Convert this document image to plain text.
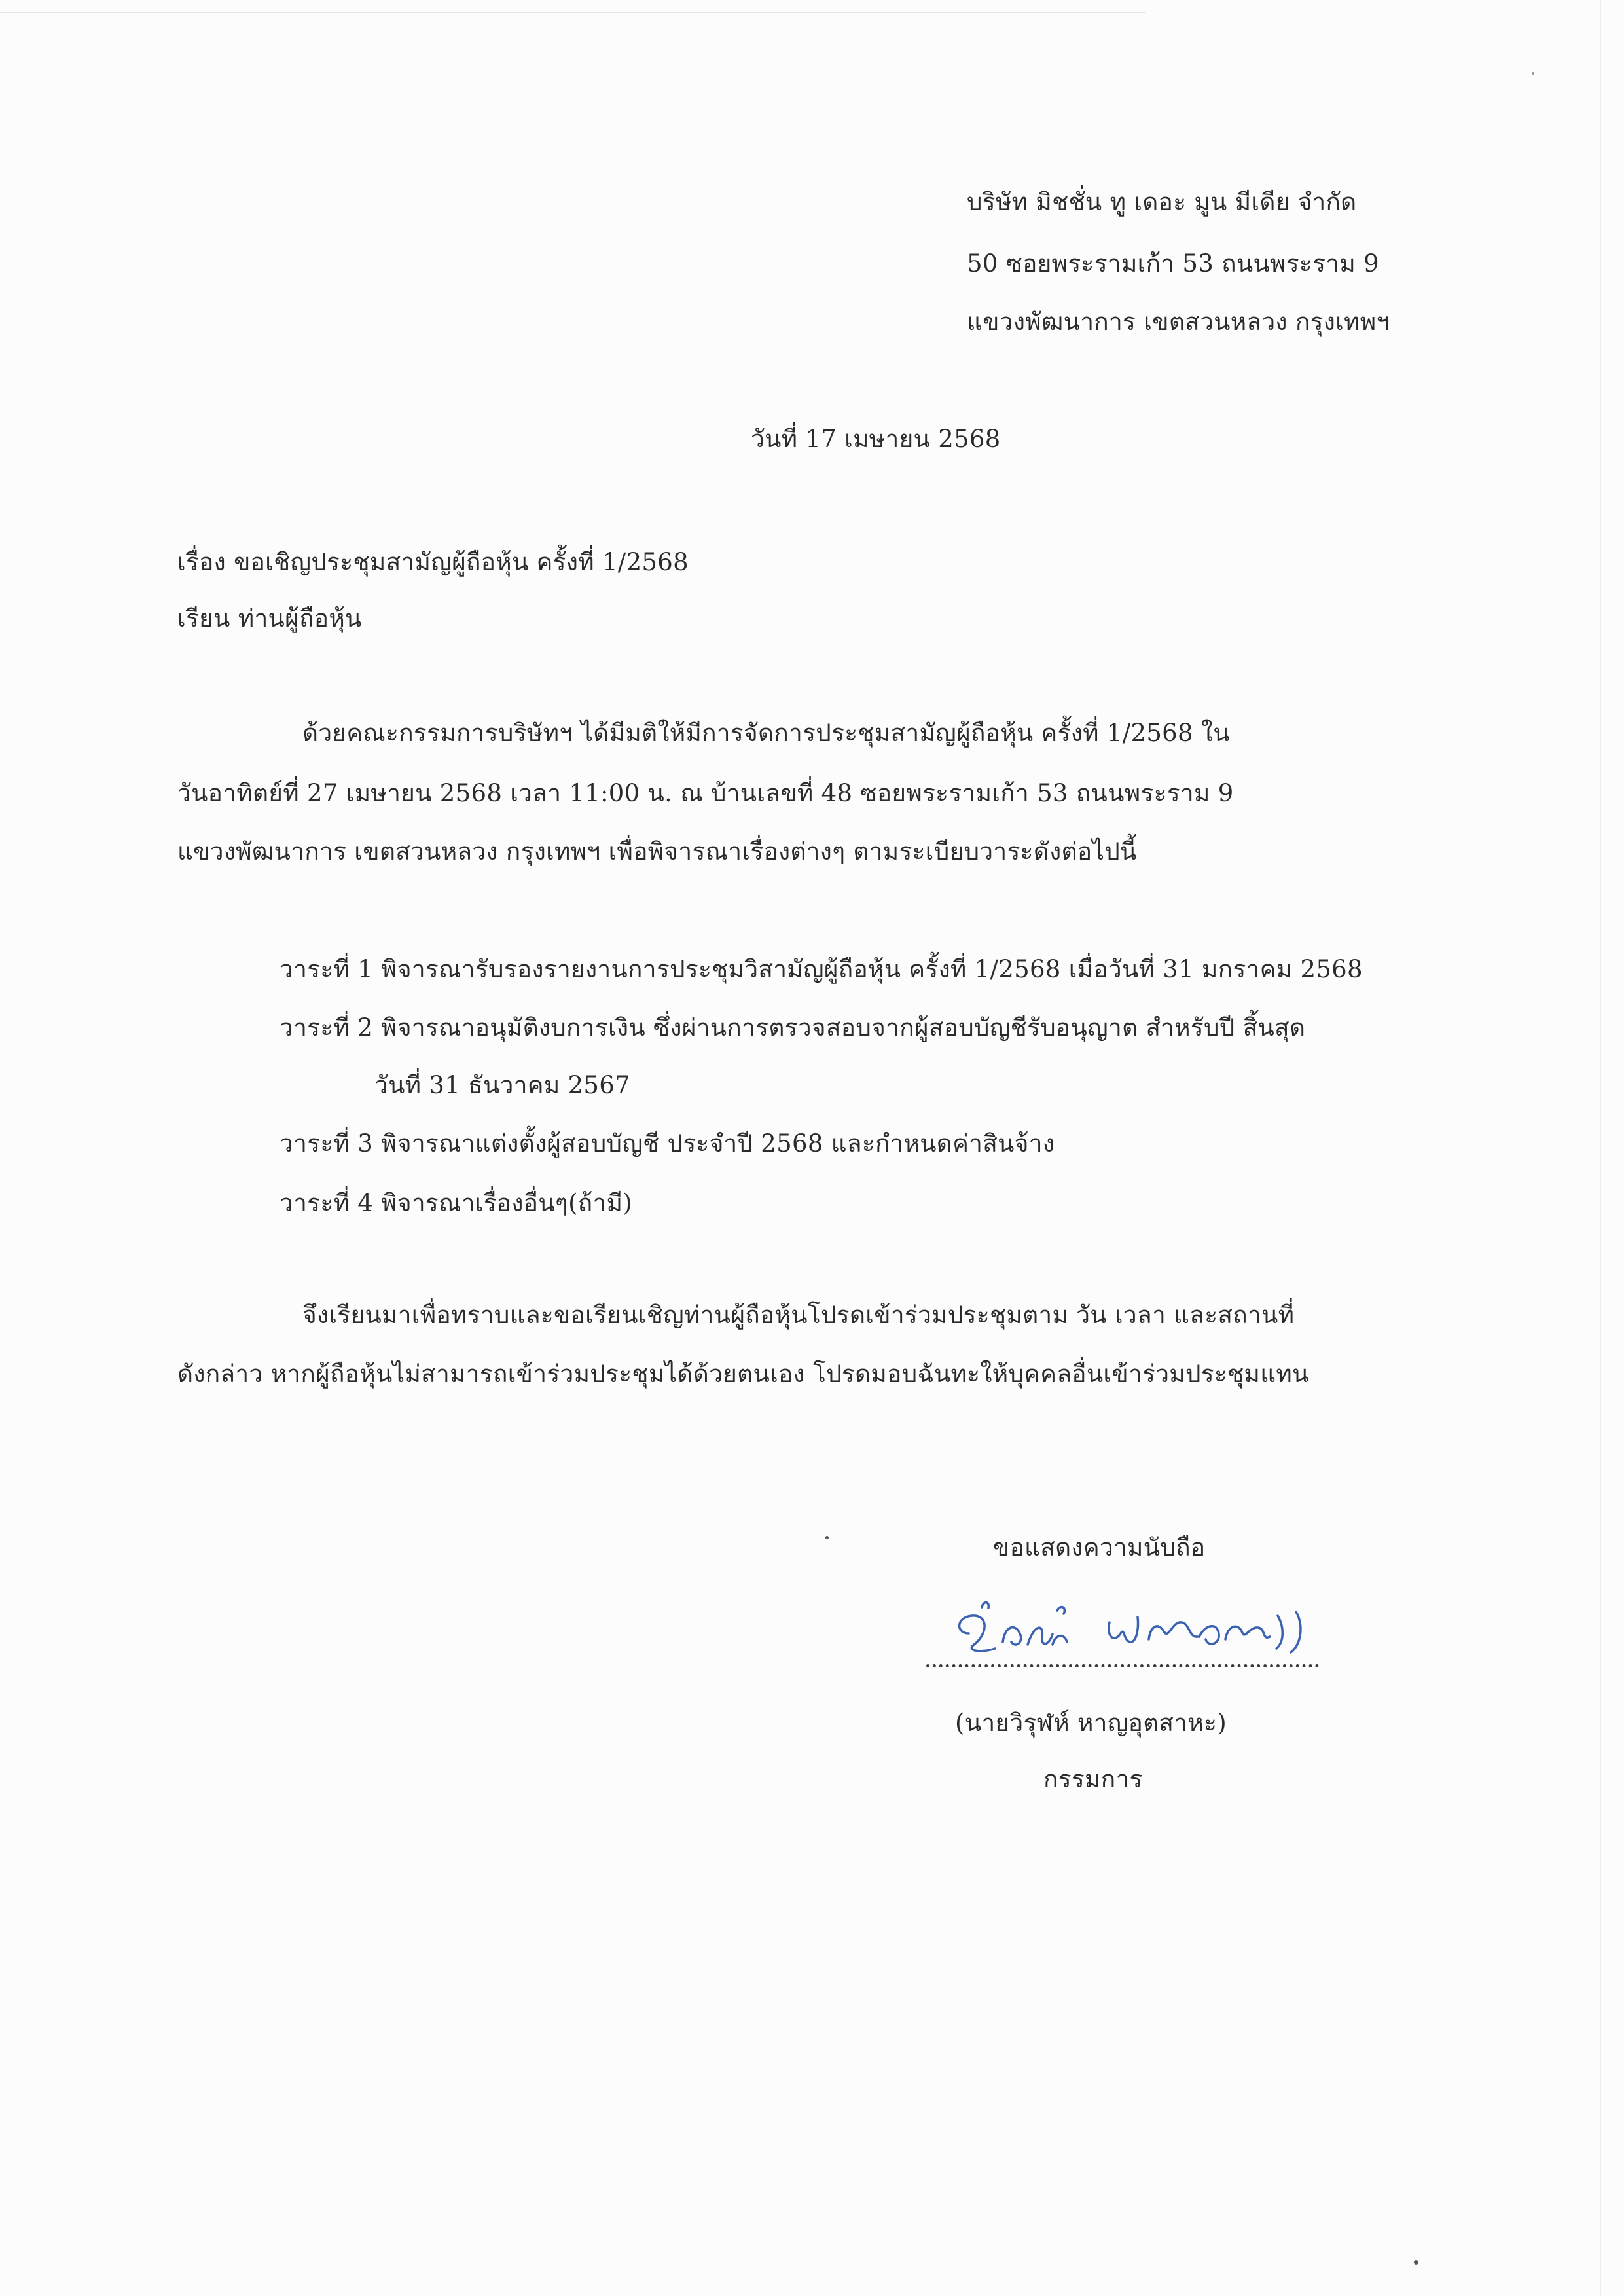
บริษัท มิชชั่น ทู เดอะ มูน มีเดีย จำกัด
50 ซอยพระรามเก้า 53 ถนนพระราม 9
แขวงพัฒนาการ เขตสวนหลวง กรุงเทพฯ
วันที่ 17 เมษายน 2568
เรื่อง ขอเชิญประชุมสามัญผู้ถือหุ้น ครั้งที่ 1/2568
เรียน ท่านผู้ถือหุ้น
ด้วยคณะกรรมการบริษัทฯ ได้มีมติให้มีการจัดการประชุมสามัญผู้ถือหุ้น ครั้งที่ 1/2568 ใน
วันอาทิตย์ที่ 27 เมษายน 2568 เวลา 11:00 น. ณ บ้านเลขที่ 48 ซอยพระรามเก้า 53 ถนนพระราม 9
แขวงพัฒนาการ เขตสวนหลวง กรุงเทพฯ เพื่อพิจารณาเรื่องต่างๆ ตามระเบียบวาระดังต่อไปนี้
วาระที่ 1 พิจารณารับรองรายงานการประชุมวิสามัญผู้ถือหุ้น ครั้งที่ 1/2568 เมื่อวันที่ 31 มกราคม 2568
วาระที่ 2 พิจารณาอนุมัติงบการเงิน ซึ่งผ่านการตรวจสอบจากผู้สอบบัญชีรับอนุญาต สำหรับปี สิ้นสุด
วันที่ 31 ธันวาคม 2567
วาระที่ 3 พิจารณาแต่งตั้งผู้สอบบัญชี ประจำปี 2568 และกำหนดค่าสินจ้าง
วาระที่ 4 พิจารณาเรื่องอื่นๆ(ถ้ามี)
จึงเรียนมาเพื่อทราบและขอเรียนเชิญท่านผู้ถือหุ้นโปรดเข้าร่วมประชุมตาม วัน เวลา และสถานที่
ดังกล่าว หากผู้ถือหุ้นไม่สามารถเข้าร่วมประชุมได้ด้วยตนเอง โปรดมอบฉันทะให้บุคคลอื่นเข้าร่วมประชุมแทน
ขอแสดงความนับถือ
(นายวิรุฬห์ หาญอุตสาหะ)
กรรมการ
